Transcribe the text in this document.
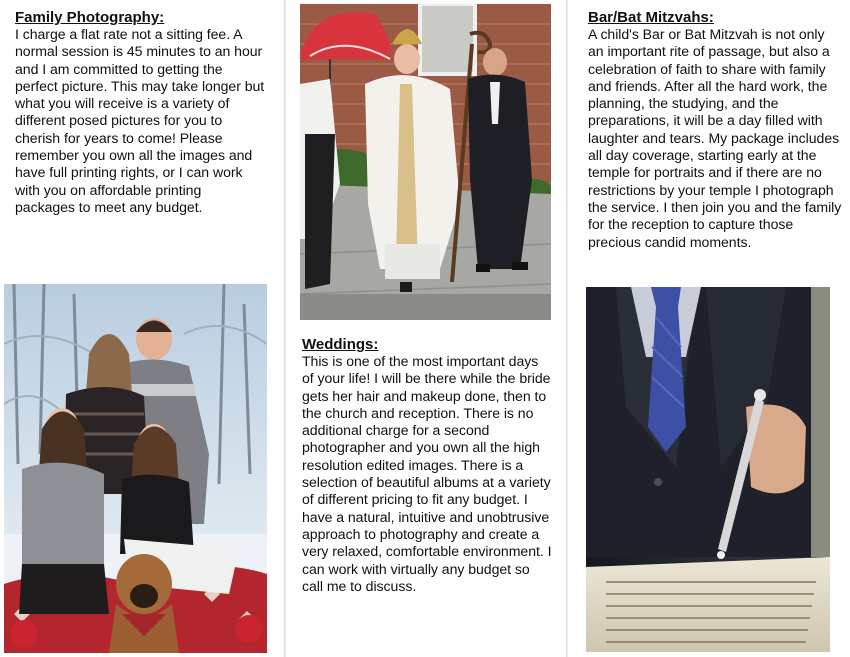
Family Photography:

I charge a flat rate not a sitting fee. A normal session is 45 minutes to an hour and I am committed to getting the perfect picture. This may take longer but what you will receive is a variety of different posed pictures for you to cherish for years to come! Please remember you own all the images and have full printing rights, or I can work with you on affordable printing packages to meet any budget.

Weddings:

This is one of the most important days of your life! I will be there while the bride gets her hair and makeup done, then to the church and reception. There is no additional charge for a second photographer and you own all the high resolution edited images. There is a selection of beautiful albums at a variety of different pricing to fit any budget. I have a natural, intuitive and unobtrusive approach to photography and create a very relaxed, comfortable environment. I can work with virtually any budget so call me to discuss.

Bar/Bat Mitzvahs:

A child's Bar or Bat Mitzvah is not only an important rite of passage, but also a celebration of faith to share with family and friends. After all the hard work, the planning, the studying, and the preparations, it will be a day filled with laughter and tears. My package includes all day coverage, starting early at the temple for portraits and if there are no restrictions by your temple I photograph the service. I then join you and the family for the reception to capture those precious candid moments.
